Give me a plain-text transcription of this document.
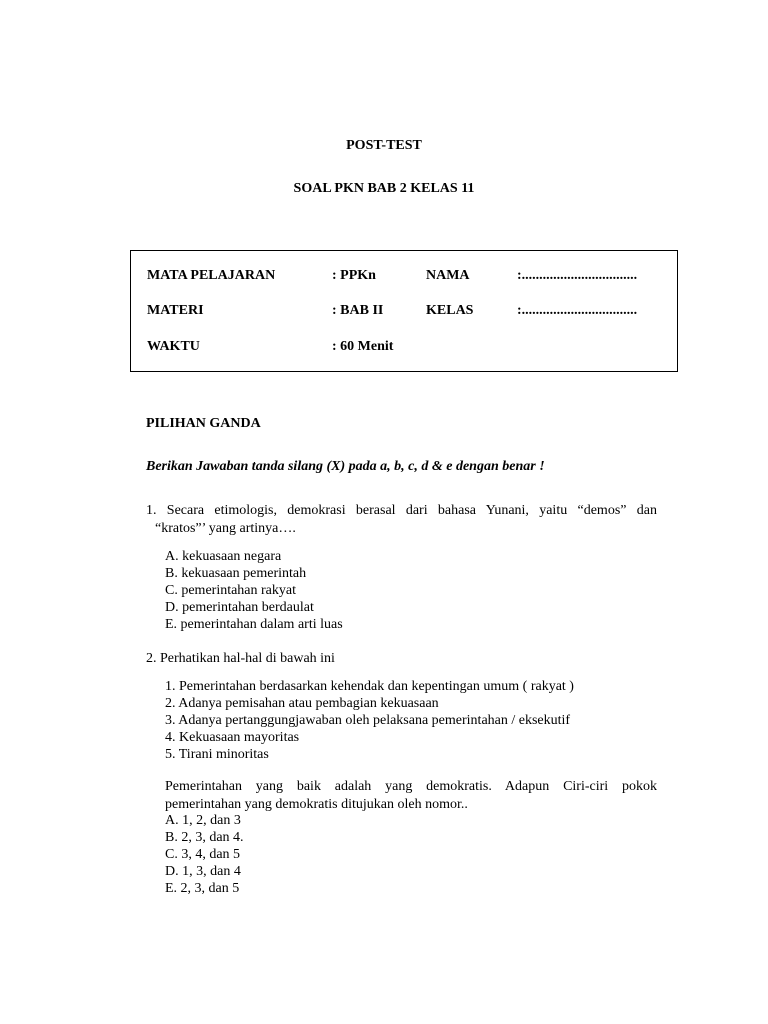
POST-TEST
SOAL PKN BAB 2 KELAS 11
MATA PELAJARAN	: PPKn	NAMA	:.................................
MATERI	: BAB II	KELAS	:.................................
WAKTU	: 60 Menit
PILIHAN GANDA
Berikan Jawaban tanda silang (X) pada a, b, c, d & e dengan benar !
1. Secara etimologis, demokrasi berasal dari bahasa Yunani, yaitu “demos” dan
“kratos”’ yang artinya….
A. kekuasaan negara
B. kekuasaan pemerintah
C. pemerintahan rakyat
D. pemerintahan berdaulat
E. pemerintahan dalam arti luas
2. Perhatikan hal-hal di bawah ini
1. Pemerintahan berdasarkan kehendak dan kepentingan umum ( rakyat )
2. Adanya pemisahan atau pembagian kekuasaan
3. Adanya pertanggungjawaban oleh pelaksana pemerintahan / eksekutif
4. Kekuasaan mayoritas
5. Tirani minoritas
Pemerintahan yang baik adalah yang demokratis. Adapun Ciri-ciri pokok
pemerintahan yang demokratis ditujukan oleh nomor..
A. 1, 2, dan 3
B. 2, 3, dan 4.
C. 3, 4, dan 5
D. 1, 3, dan 4
E. 2, 3, dan 5
